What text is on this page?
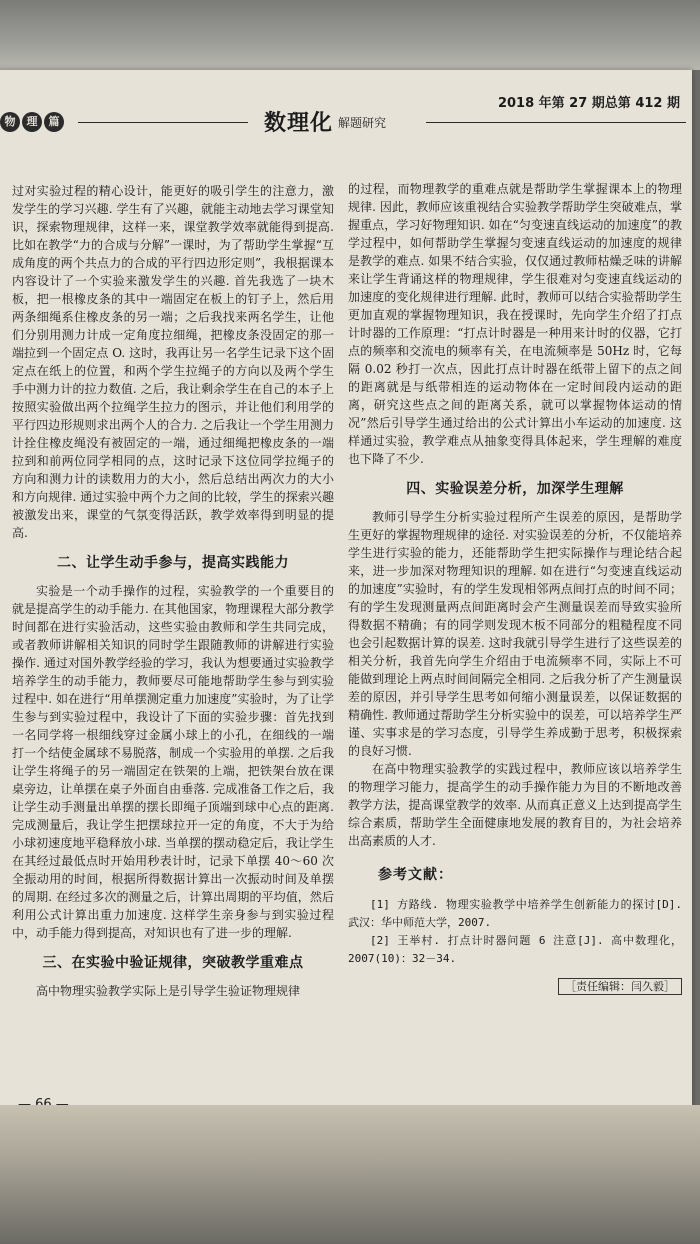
物	理	篇	数理化 解题研究
2018 年第 27 期总第 412 期

过对实验过程的精心设计，能更好的吸引学生的注意力，激发学生的学习兴趣. 学生有了兴趣，就能主动地去学习课堂知识，探索物理规律，这样一来，课堂教学效率就能得到提高. 比如在教学“力的合成与分解”一课时，为了帮助学生掌握“互成角度的两个共点力的合成的平行四边形定则”，我根据课本内容设计了一个实验来激发学生的兴趣. 首先我选了一块木板，把一根橡皮条的其中一端固定在板上的钉子上，然后用两条细绳系住橡皮条的另一端；之后我找来两名学生，让他们分别用测力计成一定角度拉细绳，把橡皮条没固定的那一端拉到一个固定点 O. 这时，我再让另一名学生记录下这个固定点在纸上的位置，和两个学生拉绳子的方向以及两个学生手中测力计的拉力数值. 之后，我让剩余学生在自己的本子上按照实验做出两个拉绳学生拉力的图示，并让他们利用学的平行四边形规则求出两个人的合力. 之后我让一个学生用测力计拴住橡皮绳没有被固定的一端，通过细绳把橡皮条的一端拉到和前两位同学相同的点，这时记录下这位同学拉绳子的方向和测力计的读数用力的大小，然后总结出两次力的大小和方向规律. 通过实验中两个力之间的比较，学生的探索兴趣被激发出来，课堂的气氛变得活跃，教学效率得到明显的提高.

二、让学生动手参与，提高实践能力

实验是一个动手操作的过程，实验教学的一个重要目的就是提高学生的动手能力. 在其他国家，物理课程大部分教学时间都在进行实验活动，这些实验由教师和学生共同完成，或者教师讲解相关知识的同时学生跟随教师的讲解进行实验操作. 通过对国外教学经验的学习，我认为想要通过实验教学培养学生的动手能力，教师要尽可能地帮助学生参与到实验过程中. 如在进行“用单摆测定重力加速度”实验时，为了让学生参与到实验过程中，我设计了下面的实验步骤：首先找到一名同学将一根细线穿过金属小球上的小孔，在细线的一端打一个结使金属球不易脱落，制成一个实验用的单摆. 之后我让学生将绳子的另一端固定在铁架的上端，把铁架台放在课桌旁边，让单摆在桌子外面自由垂落. 完成准备工作之后，我让学生动手测量出单摆的摆长即绳子顶端到球中心点的距离. 完成测量后，我让学生把摆球拉开一定的角度，不大于为给小球初速度地平稳释放小球. 当单摆的摆动稳定后，我让学生在其经过最低点时开始用秒表计时，记录下单摆 40～60 次全振动用的时间，根据所得数据计算出一次振动时间及单摆的周期. 在经过多次的测量之后，计算出周期的平均值，然后利用公式计算出重力加速度. 这样学生亲身参与到实验过程中，动手能力得到提高，对知识也有了进一步的理解.

三、在实验中验证规律，突破教学重难点

高中物理实验教学实际上是引导学生验证物理规律

的过程，而物理教学的重难点就是帮助学生掌握课本上的物理规律. 因此，教师应该重视结合实验教学帮助学生突破难点，掌握重点，学习好物理知识. 如在“匀变速直线运动的加速度”的教学过程中，如何帮助学生掌握匀变速直线运动的加速度的规律是教学的难点. 如果不结合实验，仅仅通过教师枯燥乏味的讲解来让学生背诵这样的物理规律，学生很难对匀变速直线运动的加速度的变化规律进行理解. 此时，教师可以结合实验帮助学生更加直观的掌握物理知识，我在授课时，先向学生介绍了打点计时器的工作原理：“打点计时器是一种用来计时的仪器，它打点的频率和交流电的频率有关，在电流频率是 50Hz 时，它每隔 0.02 秒打一次点，因此打点计时器在纸带上留下的点之间的距离就是与纸带相连的运动物体在一定时间段内运动的距离，研究这些点之间的距离关系，就可以掌握物体运动的情况”然后引导学生通过给出的公式计算出小车运动的加速度. 这样通过实验，教学难点从抽象变得具体起来，学生理解的难度也下降了不少.

四、实验误差分析，加深学生理解

教师引导学生分析实验过程所产生误差的原因，是帮助学生更好的掌握物理规律的途径. 对实验误差的分析，不仅能培养学生进行实验的能力，还能帮助学生把实际操作与理论结合起来，进一步加深对物理知识的理解. 如在进行“匀变速直线运动的加速度”实验时，有的学生发现相邻两点间打点的时间不同；有的学生发现测量两点间距离时会产生测量误差而导致实验所得数据不精确；有的同学则发现木板不同部分的粗糙程度不同也会引起数据计算的误差. 这时我就引导学生进行了这些误差的相关分析，我首先向学生介绍由于电流频率不同，实际上不可能做到理论上两点时间间隔完全相同. 之后我分析了产生测量误差的原因，并引导学生思考如何缩小测量误差，以保证数据的精确性. 教师通过帮助学生分析实验中的误差，可以培养学生严谨、实事求是的学习态度，引导学生养成勤于思考，积极探索的良好习惯.

在高中物理实验教学的实践过程中，教师应该以培养学生的物理学习能力，提高学生的动手操作能力为目的不断地改善教学方法，提高课堂教学的效率. 从而真正意义上达到提高学生综合素质，帮助学生全面健康地发展的教育目的，为社会培养出高素质的人才.

参考文献：

[1] 方路线. 物理实验教学中培养学生创新能力的探讨[D]. 武汉：华中师范大学，2007.

[2] 王举村. 打点计时器问题 6 注意[J]. 高中数理化，2007(10)：32－34.

［责任编辑：闫久毅］
